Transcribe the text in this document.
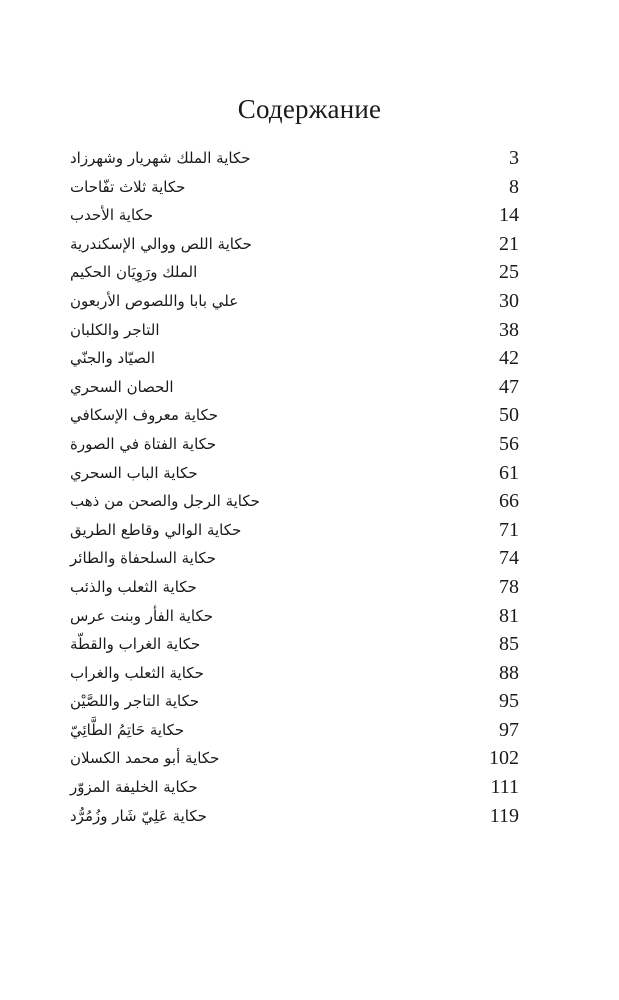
Содержание
حكاية الملك شهريار وشهرزاد	3
حكاية ثلاث تفّاحات	8
حكاية الأحدب	14
حكاية اللص ووالي الإسكندرية	21
الملك ورَوِيَان الحكيم	25
علي بابا واللصوص الأربعون	30
التاجر والكلبان	38
الصيّاد والجنّي	42
الحصان السحري	47
حكاية معروف الإسكافي	50
حكاية الفتاة في الصورة	56
حكاية الباب السحري	61
حكاية الرجل والصحن من ذهب	66
حكاية الوالي وقاطع الطريق	71
حكاية السلحفاة والطائر	74
حكاية الثعلب والذئب	78
حكاية الفأر وبنت عرس	81
حكاية الغراب والقطّة	85
حكاية الثعلب والغراب	88
حكاية التاجر واللصَّيْن	95
حكاية حَاتِمُ الطَّائِيّ	97
حكاية أبو محمد الكسلان	102
حكاية الخليفة المزوّر	111
حكاية عَلِيّ شَار وزُمُرُّد	119
